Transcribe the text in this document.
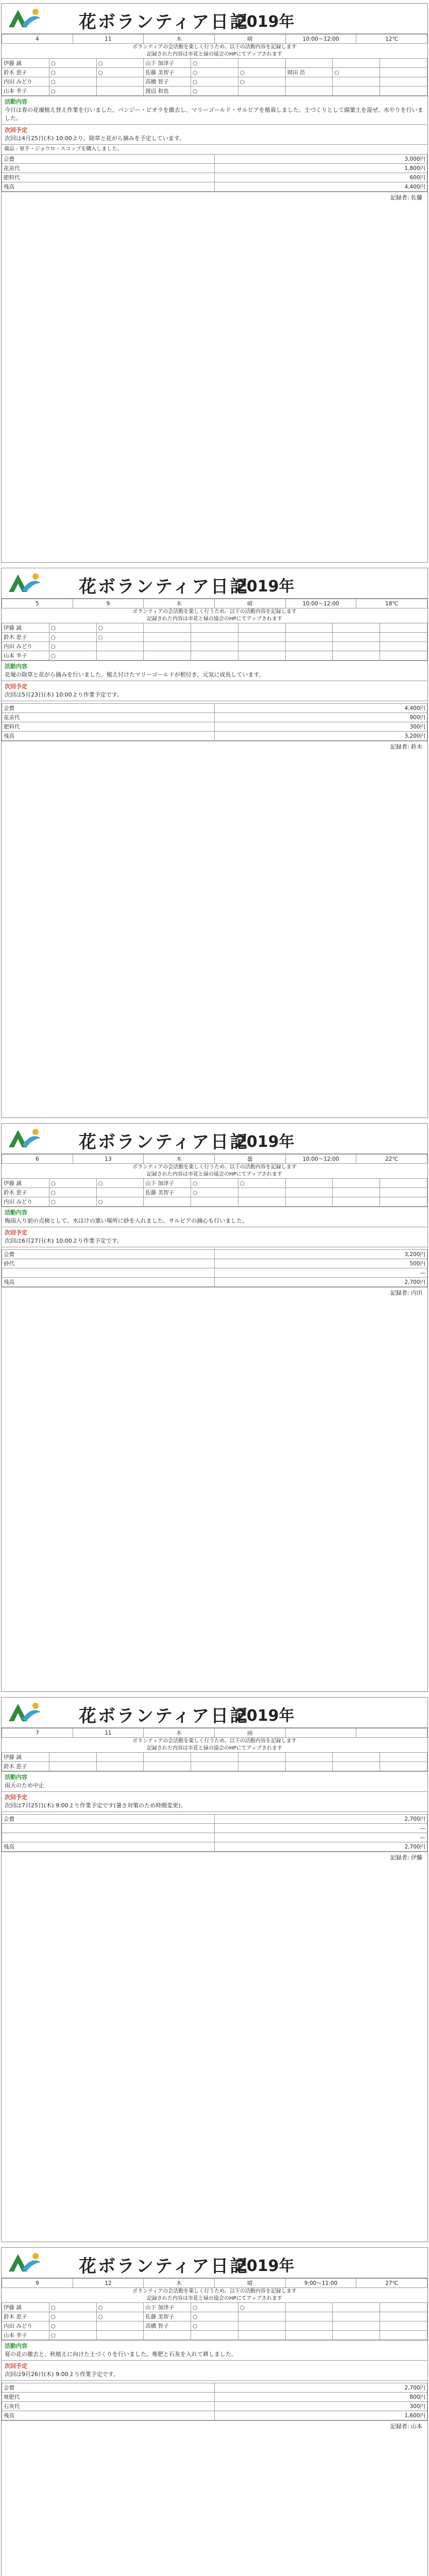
花ボランティア日記
2019年
4	11	木	晴	10:00〜12:00	12℃
ボランティアの会活動を楽しく行うため、以下の活動内容を記録します
記録された内容は市花と緑の協会のHPにてアップされます
伊藤 誠	○	○	山下 加津子	○				
鈴木 恵子	○	○	佐藤 美智子	○	○	岡田 浩	○	
内田 みどり	○		高橋 智子	○	○			
山本 幸子	○		渡辺 和也	○				
活動内容
今日は春の花壇植え替え作業を行いました。パンジー・ビオラを撤去し、マリーゴールド・サルビアを植栽しました。土づくりとして腐葉土を混ぜ、水やりを行いました。
次回予定
次回は4月25日(木) 10:00より、除草と花がら摘みを予定しています。
備品 : 軍手・ジョウロ・スコップを購入しました。
会費	3,000円
花苗代	1,800円
肥料代	600円
残高	4,400円
記録者: 佐藤
花ボランティア日記
2019年
5	9	木	晴	10:00〜12:00	18℃
ボランティアの会活動を楽しく行うため、以下の活動内容を記録します
記録された内容は市花と緑の協会のHPにてアップされます
伊藤 誠	○	○						
鈴木 恵子	○	○						
内田 みどり	○							
山本 幸子	○							
活動内容
花壇の除草と花がら摘みを行いました。植え付けたマリーゴールドが根付き、元気に成長しています。
次回予定
次回は5月23日(木) 10:00より作業予定です。
会費	4,400円
花苗代	900円
肥料代	300円
残高	3,200円
記録者: 鈴木
花ボランティア日記
2019年
6	13	木	曇	10:00〜12:00	22℃
ボランティアの会活動を楽しく行うため、以下の活動内容を記録します
記録された内容は市花と緑の協会のHPにてアップされます
伊藤 誠	○	○	山下 加津子	○	○			
鈴木 恵子	○		佐藤 美智子	○				
内田 みどり	○	○						
活動内容
梅雨入り前の点検として、水はけの悪い場所に砂を入れました。サルビアの摘心も行いました。
次回予定
次回は6月27日(木) 10:00より作業予定です。
会費	3,200円
砂代	500円
	—
残高	2,700円
記録者: 内田
花ボランティア日記
2019年
7	11	木	雨		
ボランティアの会活動を楽しく行うため、以下の活動内容を記録します
記録された内容は市花と緑の協会のHPにてアップされます
伊藤 誠								
鈴木 恵子								
活動内容
雨天のため中止
次回予定
次回は7月25日(木) 9:00より作業予定です(暑さ対策のため時間変更)。
会費	2,700円
	—
	—
残高	2,700円
記録者: 伊藤
花ボランティア日記
2019年
9	12	木	晴	9:00〜11:00	27℃
ボランティアの会活動を楽しく行うため、以下の活動内容を記録します
記録された内容は市花と緑の協会のHPにてアップされます
伊藤 誠	○	○	山下 加津子	○	○			
鈴木 恵子	○	○	佐藤 美智子	○				
内田 みどり	○		高橋 智子	○				
山本 幸子	○							
活動内容
夏の花の撤去と、秋植えに向けた土づくりを行いました。堆肥と石灰を入れて耕しました。
次回予定
次回は9月26日(木) 9:00より作業予定です。
会費	2,700円
堆肥代	800円
石灰代	300円
残高	1,600円
記録者: 山本
